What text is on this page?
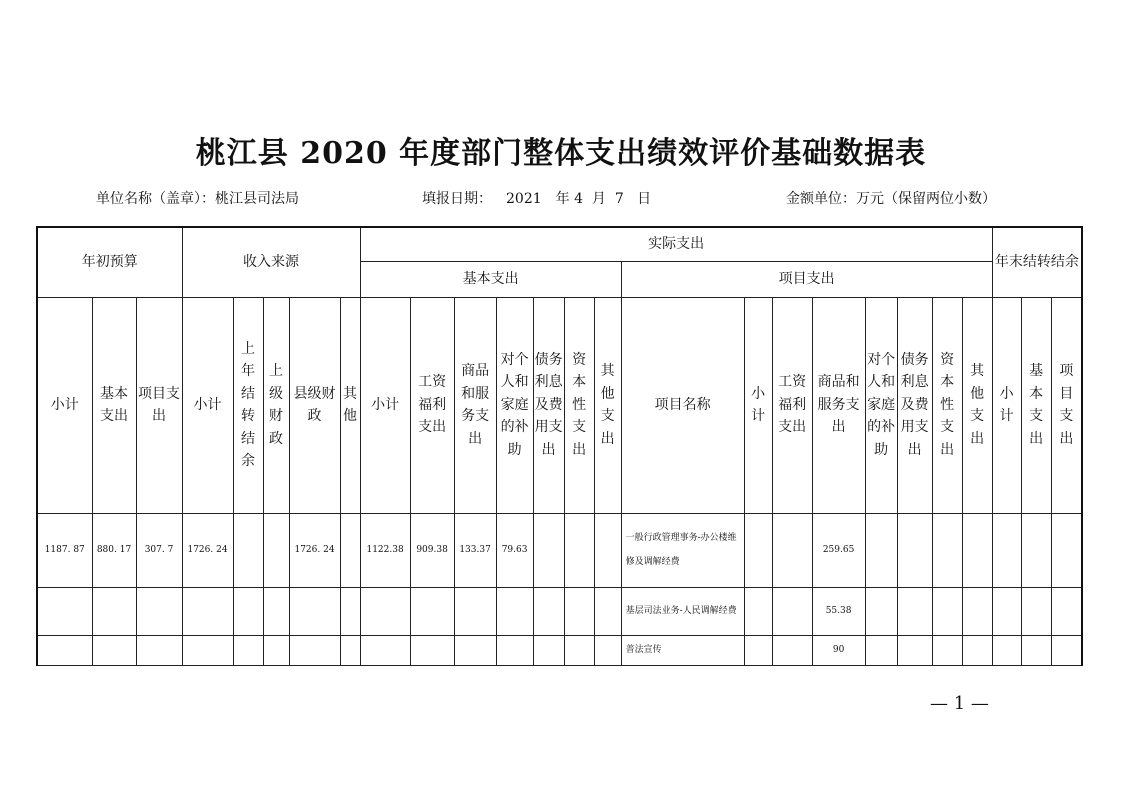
桃江县 2020 年度部门整体支出绩效评价基础数据表
单位名称（盖章）：桃江县司法局	填报日期： 2021 年 4 月 7 日	金额单位：万元（保留两位小数）
年初预算			收入来源					实际支出															年末结转结余		
								基本支出							项目支出										
小计	基本支出	项目支出	小计	上年结转结余	上级财政	县级财政	其他	小计	工资福利支出	商品和服务支出	对个人和家庭的补助	债务利息及费用支出	资本性支出	其他支出	项目名称	小计	工资福利支出	商品和服务支出	对个人和家庭的补助	债务利息及费用支出	资本性支出	其他支出	小计	基本支出	项目支出
1187. 87	880. 17	307. 7	1726. 24			1726. 24		1122.38	909.38	133.37	79.63				一般行政管理事务-办公楼维修及调解经费			259.65							
															基层司法业务-人民调解经费			55.38							
															普法宣传			90							
— 1 —
